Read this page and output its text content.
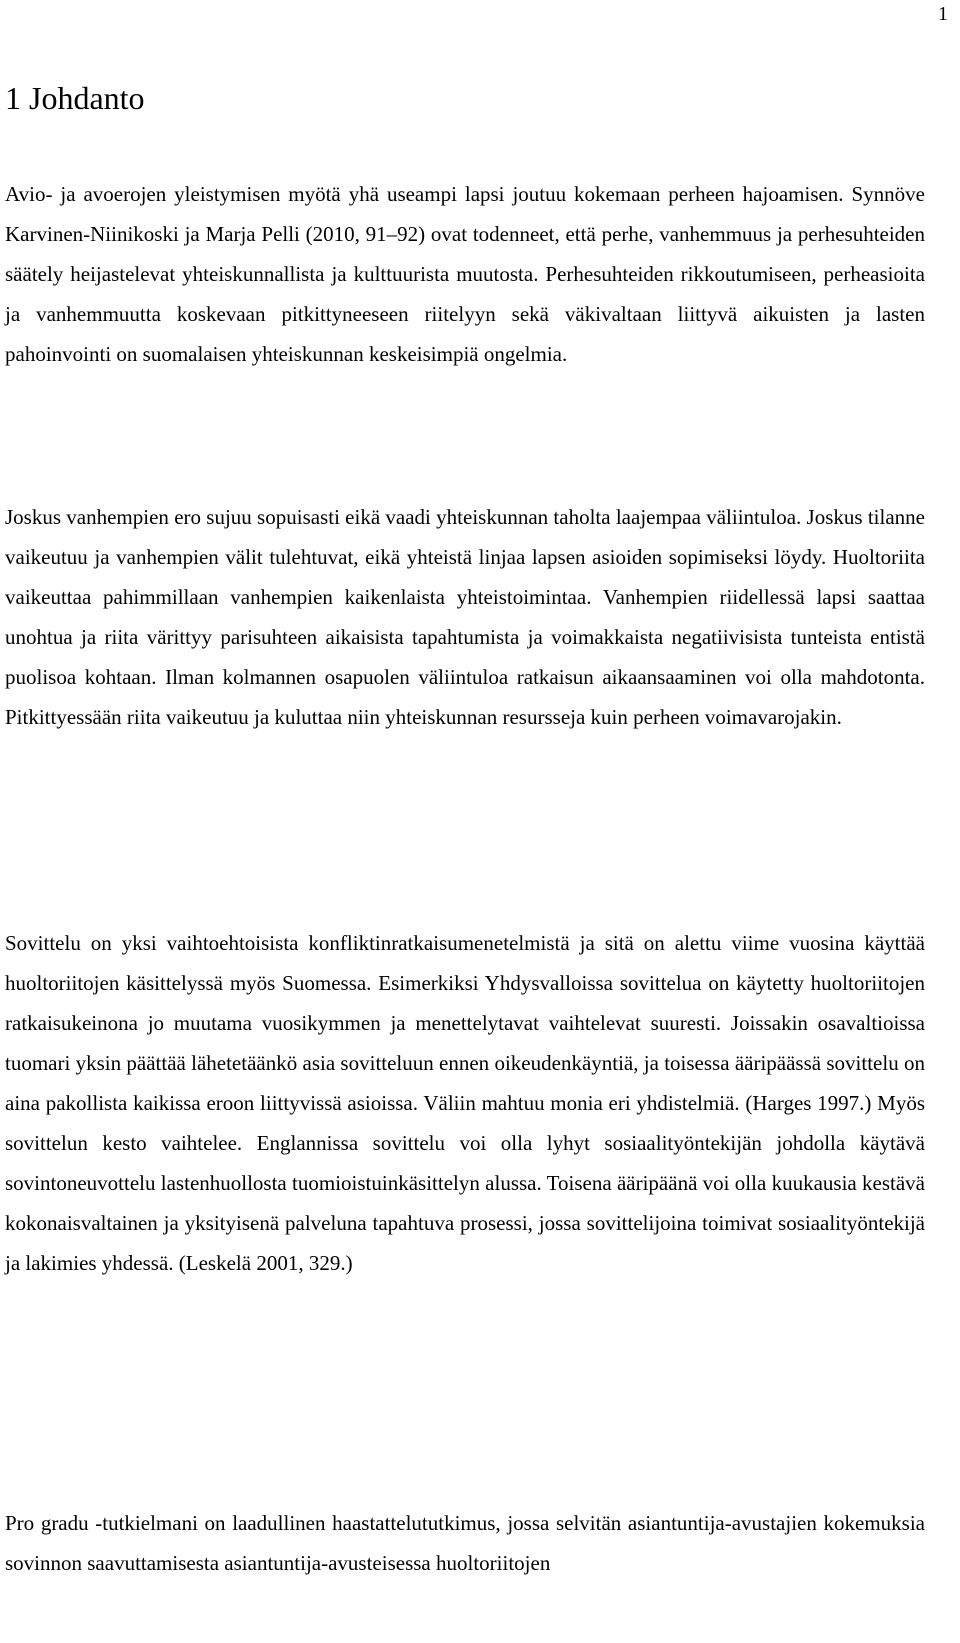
1
1 Johdanto

Avio- ja avoerojen yleistymisen myötä yhä useampi lapsi joutuu kokemaan perheen hajoamisen. Synnöve Karvinen-Niinikoski ja Marja Pelli (2010, 91–92) ovat todenneet, että perhe, vanhemmuus ja perhesuhteiden säätely heijastelevat yhteiskunnallista ja kulttuurista muutosta. Perhesuhteiden rikkoutumiseen, perheasioita ja vanhemmuutta koskevaan pitkittyneeseen riitelyyn sekä väkivaltaan liittyvä aikuisten ja lasten pahoinvointi on suomalaisen yhteiskunnan keskeisimpiä ongelmia.

Joskus vanhempien ero sujuu sopuisasti eikä vaadi yhteiskunnan taholta laajempaa väliintuloa. Joskus tilanne vaikeutuu ja vanhempien välit tulehtuvat, eikä yhteistä linjaa lapsen asioiden sopimiseksi löydy. Huoltoriita vaikeuttaa pahimmillaan vanhempien kaikenlaista yhteistoimintaa. Vanhempien riidellessä lapsi saattaa unohtua ja riita värittyy parisuhteen aikaisista tapahtumista ja voimakkaista negatiivisista tunteista entistä puolisoa kohtaan. Ilman kolmannen osapuolen väliintuloa ratkaisun aikaansaaminen voi olla mahdotonta. Pitkittyessään riita vaikeutuu ja kuluttaa niin yhteiskunnan resursseja kuin perheen voimavarojakin.

Sovittelu on yksi vaihtoehtoisista konfliktinratkaisumenetelmistä ja sitä on alettu viime vuosina käyttää huoltoriitojen käsittelyssä myös Suomessa. Esimerkiksi Yhdysvalloissa sovittelua on käytetty huoltoriitojen ratkaisukeinona jo muutama vuosikymmen ja menettelytavat vaihtelevat suuresti. Joissakin osavaltioissa tuomari yksin päättää lähetetäänkö asia sovitteluun ennen oikeudenkäyntiä, ja toisessa ääripäässä sovittelu on aina pakollista kaikissa eroon liittyvissä asioissa. Väliin mahtuu monia eri yhdistelmiä. (Harges 1997.) Myös sovittelun kesto vaihtelee. Englannissa sovittelu voi olla lyhyt sosiaalityöntekijän johdolla käytävä sovintoneuvottelu lastenhuollosta tuomioistuinkäsittelyn alussa. Toisena ääripäänä voi olla kuukausia kestävä kokonaisvaltainen ja yksityisenä palveluna tapahtuva prosessi, jossa sovittelijoina toimivat sosiaalityöntekijä ja lakimies yhdessä. (Leskelä 2001, 329.)

Pro gradu -tutkielmani on laadullinen haastattelututkimus, jossa selvitän asiantuntija-avustajien kokemuksia sovinnon saavuttamisesta asiantuntija-avusteisessa huoltoriitojen
